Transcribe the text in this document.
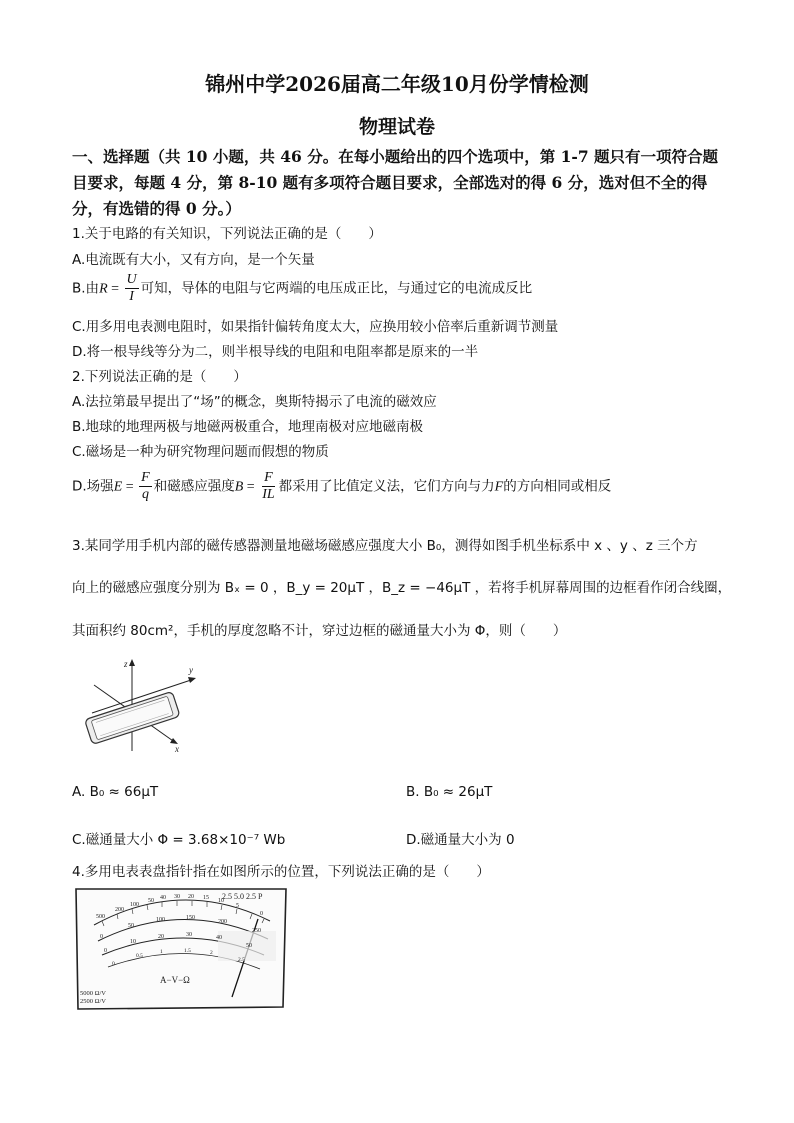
锦州中学2026届高二年级10月份学情检测
物理试卷
一、选择题（共 10 小题，共 46 分。在每小题给出的四个选项中，第 1-7 题只有一项符合题
目要求，每题 4 分，第 8-10 题有多项符合题目要求，全部选对的得 6 分，选对但不全的得
分，有选错的得 0 分。）
1.关于电路的有关知识，下列说法正确的是（　　）
A.电流既有大小，又有方向，是一个矢量
B.由$R = \frac{U}{I}$ 可知，导体的电阻与它两端的电压成正比，与通过它的电流成反比
C.用多用电表测电阻时，如果指针偏转角度太大，应换用较小倍率后重新调节测量
D.将一根导线等分为二，则半根导线的电阻和电阻率都是原来的一半
2.下列说法正确的是（　　）
A.法拉第最早提出了“场”的概念，奥斯特揭示了电流的磁效应
B.地球的地理两极与地磁两极重合，地理南极对应地磁南极
C.磁场是一种为研究物理问题而假想的物质
D.场强$E = \frac{F}{q}$ 和磁感应强度$B = \frac{F}{IL}$ 都采用了比值定义法，它们方向与力F的方向相同或相反
3.某同学用手机内部的磁传感器测量地磁场磁感应强度大小 B₀，测得如图手机坐标系中 x 、y 、z 三个方
向上的磁感应强度分别为 Bₓ = 0 ，B_y = 20μT ，B_z = −46μT ，若将手机屏幕周围的边框看作闭合线圈，
其面积约 80cm²，手机的厚度忽略不计，穿过边框的磁通量大小为 Φ，则（　　）
z
y
x
A. B₀ ≈ 66μT	B. B₀ ≈ 26μT
C.磁通量大小 Φ = 3.68×10⁻⁷ Wb	D.磁通量大小为 0
4.多用电表表盘指针指在如图所示的位置，下列说法正确的是（　　）
2.5 5.0 2.5 P
A−V−Ω
5000 Ω/V
2500 Ω/V
500
200
100
50 40 30 20 15 10
5
0
0
50
100	150
200
250
0
10
20	30	40
50
0
0.5
1	1.5	2
2.5
